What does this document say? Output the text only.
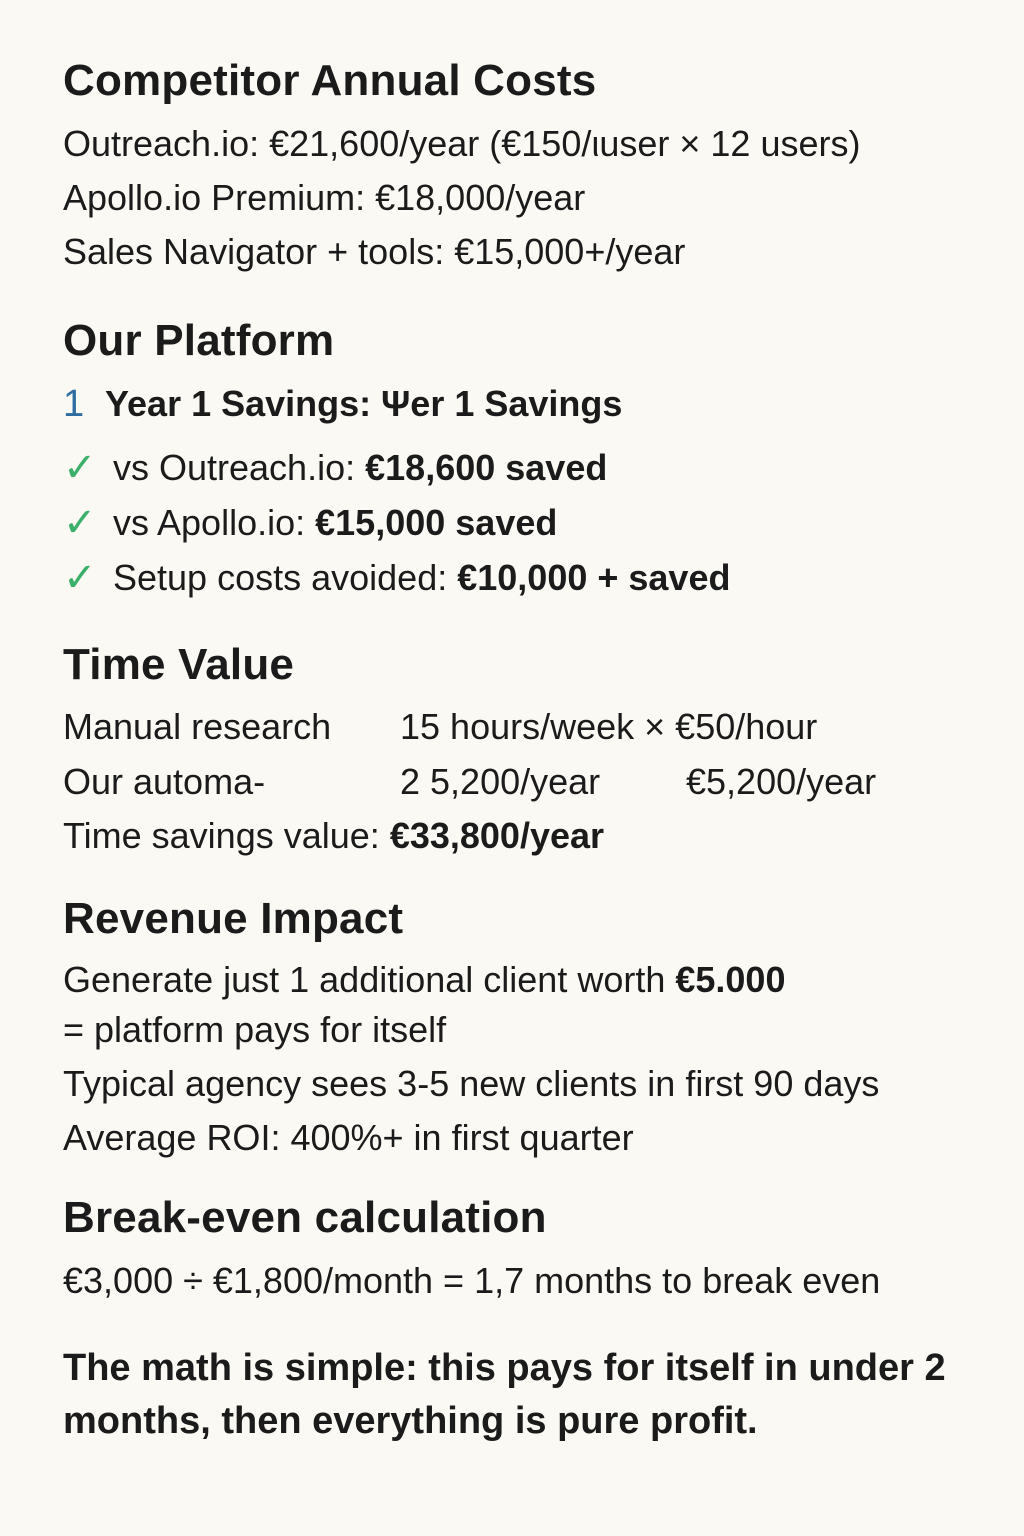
Competitor Annual Costs
Outreach.io: €21,600/year (€150/ιuser × 12 users)
Apollo.io Premium: €18,000/year
Sales Navigator + tools: €15,000+/year
Our Platform
1 Year 1 Savings: Ψer 1 Savings
✓ vs Outreach.io:
€18,600 saved
✓ vs Apollo.io:
€15,000 saved
✓ Setup costs avoided:
€10,000 + saved
Time Value
Manual research 15 hours/week × €50/hour
Our automa-	2 5,200/year €5,200/year
Time savings value: €33,800/year
Revenue Impact
Generate just 1 additional client worth €5.000
= platform pays for itself
Typical agency sees 3-5 new clients in first 90 days
Average ROI: 400%+ in first quarter
Break-even calculation
€3,000 ÷ €1,800/month = 1,7 months to break even
The math is simple: this pays for itself in under 2 months, then everything is pure profit.
